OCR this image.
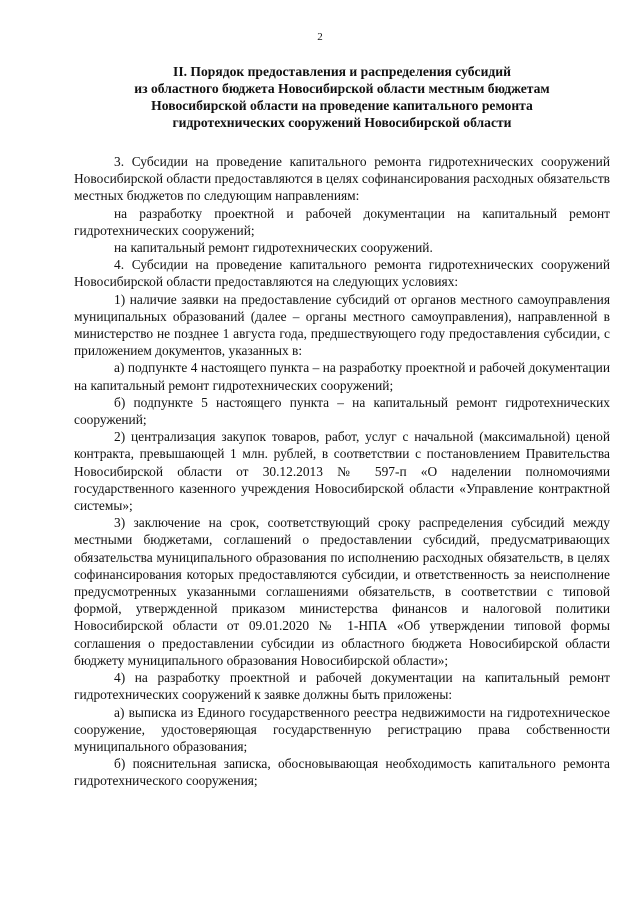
2
II. Порядок предоставления и распределения субсидий
из областного бюджета Новосибирской области местным бюджетам
Новосибирской области на проведение капитального ремонта
гидротехнических сооружений Новосибирской области

3. Субсидии на проведение капитального ремонта гидротехнических сооружений Новосибирской области предоставляются в целях софинансирования расходных обязательств местных бюджетов по следующим направлениям:

на разработку проектной и рабочей документации на капитальный ремонт гидротехнических сооружений;

на капитальный ремонт гидротехнических сооружений.

4. Субсидии на проведение капитального ремонта гидротехнических сооружений Новосибирской области предоставляются на следующих условиях:

1) наличие заявки на предоставление субсидий от органов местного самоуправления муниципальных образований (далее – органы местного самоуправления), направленной в министерство не позднее 1 августа года, предшествующего году предоставления субсидии, с приложением документов, указанных в:

а) подпункте 4 настоящего пункта – на разработку проектной и рабочей документации на капитальный ремонт гидротехнических сооружений;

б) подпункте 5 настоящего пункта – на капитальный ремонт гидротехнических сооружений;

2) централизация закупок товаров, работ, услуг с начальной (максимальной) ценой контракта, превышающей 1 млн. рублей, в соответствии с постановлением Правительства Новосибирской области от 30.12.2013 № 597-п «О наделении полномочиями государственного казенного учреждения Новосибирской области «Управление контрактной системы»;

3) заключение на срок, соответствующий сроку распределения субсидий между местными бюджетами, соглашений о предоставлении субсидий, предусматривающих обязательства муниципального образования по исполнению расходных обязательств, в целях софинансирования которых предоставляются субсидии, и ответственность за неисполнение предусмотренных указанными соглашениями обязательств, в соответствии с типовой формой, утвержденной приказом министерства финансов и налоговой политики Новосибирской области от 09.01.2020 № 1-НПА «Об утверждении типовой формы соглашения о предоставлении субсидии из областного бюджета Новосибирской области бюджету муниципального образования Новосибирской области»;

4) на разработку проектной и рабочей документации на капитальный ремонт гидротехнических сооружений к заявке должны быть приложены:

а) выписка из Единого государственного реестра недвижимости на гидротехническое сооружение, удостоверяющая государственную регистрацию права собственности муниципального образования;

б) пояснительная записка, обосновывающая необходимость капитального ремонта гидротехнического сооружения;
